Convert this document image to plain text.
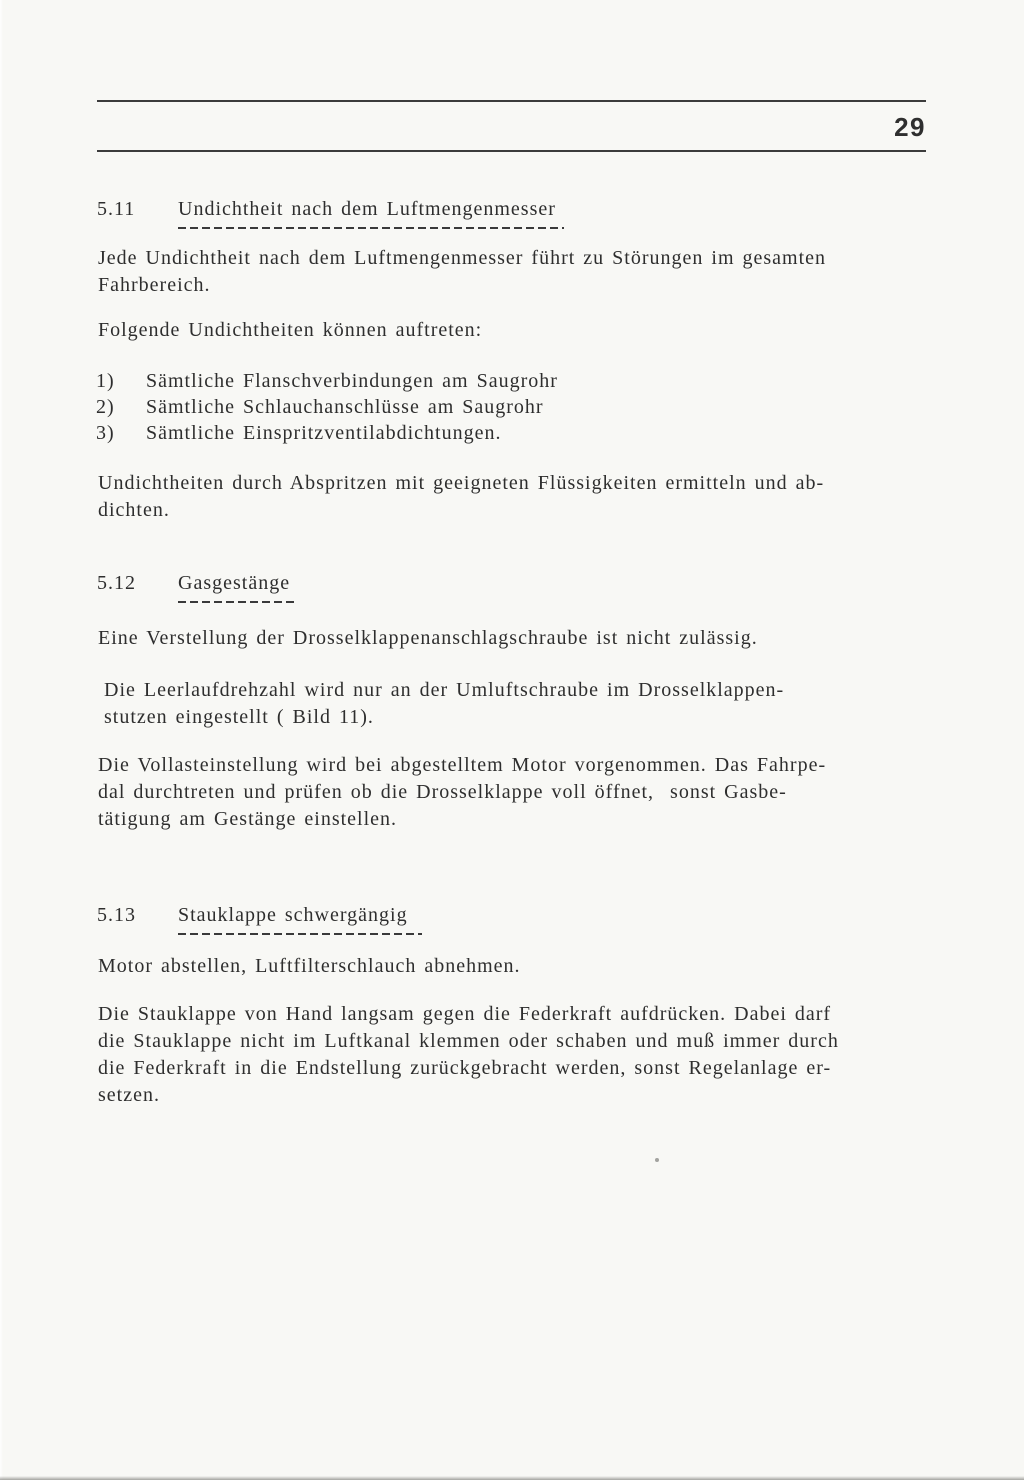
29
5.11	Undichtheit nach dem Luftmengenmesser
Jede Undichtheit nach dem Luftmengenmesser führt zu Störungen im gesamten
Fahrbereich.
Folgende Undichtheiten können auftreten:
1)	Sämtliche Flanschverbindungen am Saugrohr
2)	Sämtliche Schlauchanschlüsse am Saugrohr
3)	Sämtliche Einspritzventilabdichtungen.
Undichtheiten durch Abspritzen mit geeigneten Flüssigkeiten ermitteln und ab-
dichten.
5.12	Gasgestänge
Eine Verstellung der Drosselklappenanschlagschraube ist nicht zulässig.
Die Leerlaufdrehzahl wird nur an der Umluftschraube im Drosselklappen-
stutzen eingestellt ( Bild 11).
Die Vollasteinstellung wird bei abgestelltem Motor vorgenommen. Das Fahrpe-
dal durchtreten und prüfen ob die Drosselklappe voll öffnet,  sonst Gasbe-
tätigung am Gestänge einstellen.
5.13	Stauklappe schwergängig
Motor abstellen, Luftfilterschlauch abnehmen.
Die Stauklappe von Hand langsam gegen die Federkraft aufdrücken. Dabei darf
die Stauklappe nicht im Luftkanal klemmen oder schaben und muß immer durch
die Federkraft in die Endstellung zurückgebracht werden, sonst Regelanlage er-
setzen.
